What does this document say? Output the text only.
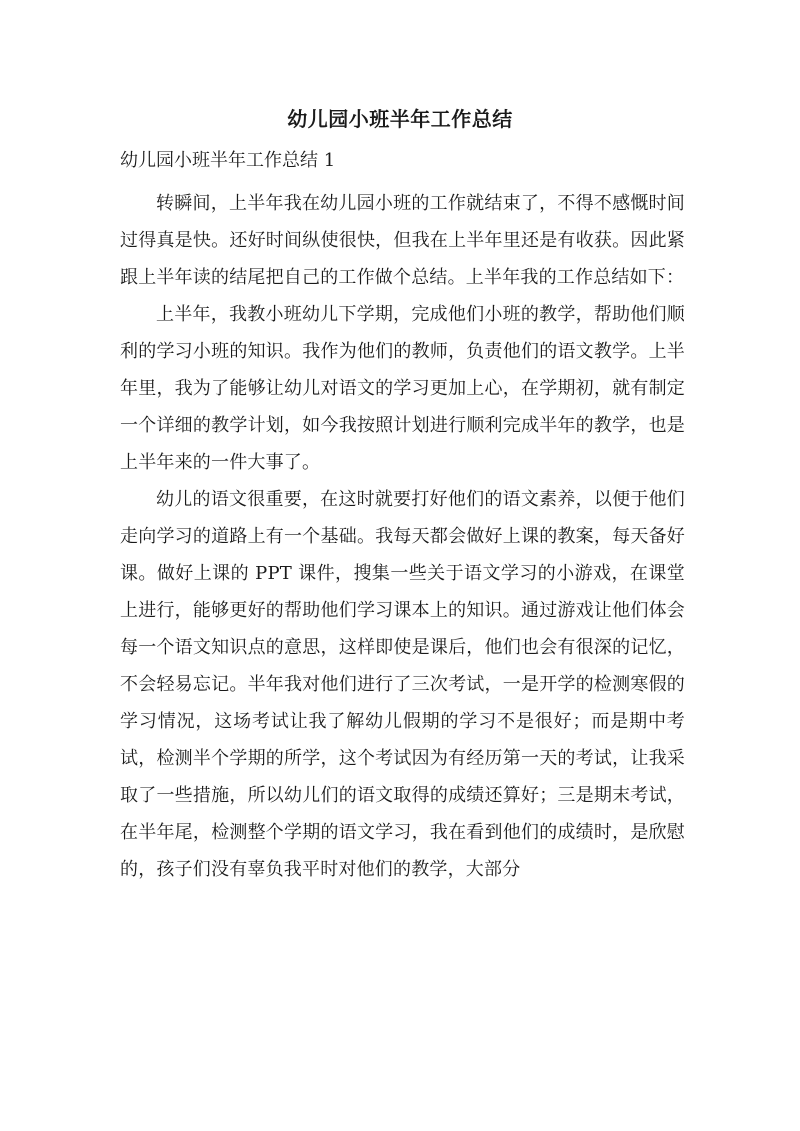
幼儿园小班半年工作总结
幼儿园小班半年工作总结 1

转瞬间，上半年我在幼儿园小班的工作就结束了，不得不感慨时间过得真是快。还好时间纵使很快，但我在上半年里还是有收获。因此紧跟上半年读的结尾把自己的工作做个总结。上半年我的工作总结如下：

上半年，我教小班幼儿下学期，完成他们小班的教学，帮助他们顺利的学习小班的知识。我作为他们的教师，负责他们的语文教学。上半年里，我为了能够让幼儿对语文的学习更加上心，在学期初，就有制定一个详细的教学计划，如今我按照计划进行顺利完成半年的教学，也是上半年来的一件大事了。

幼儿的语文很重要，在这时就要打好他们的语文素养，以便于他们走向学习的道路上有一个基础。我每天都会做好上课的教案，每天备好课。做好上课的 PPT 课件，搜集一些关于语文学习的小游戏，在课堂上进行，能够更好的帮助他们学习课本上的知识。通过游戏让他们体会每一个语文知识点的意思，这样即使是课后，他们也会有很深的记忆，不会轻易忘记。半年我对他们进行了三次考试，一是开学的检测寒假的学习情况，这场考试让我了解幼儿假期的学习不是很好；而是期中考试，检测半个学期的所学，这个考试因为有经历第一天的考试，让我采取了一些措施，所以幼儿们的语文取得的成绩还算好；三是期末考试，在半年尾，检测整个学期的语文学习，我在看到他们的成绩时，是欣慰的，孩子们没有辜负我平时对他们的教学，大部分
